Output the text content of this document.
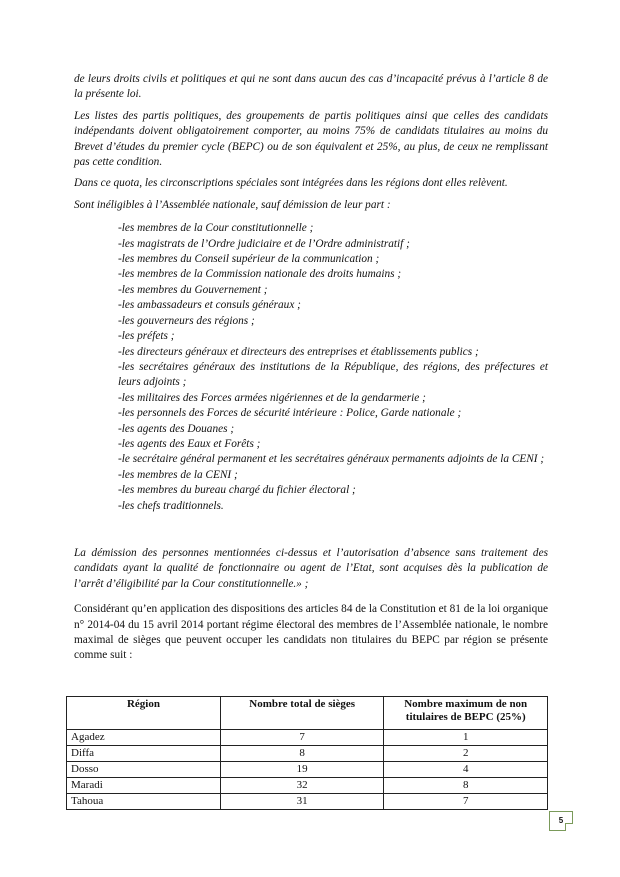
de leurs droits civils et politiques et qui ne sont dans aucun des cas d’incapacité prévus à l’article 8 de la présente loi.

Les listes des partis politiques, des groupements de partis politiques ainsi que celles des candidats indépendants doivent obligatoirement comporter, au moins 75% de candidats titulaires au moins du Brevet d’études du premier cycle (BEPC) ou de son équivalent et 25%, au plus, de ceux ne remplissant pas cette condition.

Dans ce quota, les circonscriptions spéciales sont intégrées dans les régions dont elles relèvent.

Sont inéligibles à l’Assemblée nationale, sauf démission de leur part :

-les membres de la Cour constitutionnelle ;
-les magistrats de l’Ordre judiciaire et de l’Ordre administratif ;
-les membres du Conseil supérieur de la communication ;
-les membres de la Commission nationale des droits humains ;
-les membres du Gouvernement ;
-les ambassadeurs et consuls généraux ;
-les gouverneurs des régions ;
-les préfets ;
-les directeurs généraux et directeurs des entreprises et établissements publics ;
-les secrétaires généraux des institutions de la République, des régions, des préfectures et leurs adjoints ;
-les militaires des Forces armées nigériennes et de la gendarmerie ;
-les personnels des Forces de sécurité intérieure : Police, Garde nationale ;
-les agents des Douanes ;
-les agents des Eaux et Forêts ;
-le secrétaire général permanent et les secrétaires généraux permanents adjoints de la CENI ;
-les membres de la CENI ;
-les membres du bureau chargé du fichier électoral ;
-les chefs traditionnels.

La démission des personnes mentionnées ci-dessus et l’autorisation d’absence sans traitement des candidats ayant la qualité de fonctionnaire ou agent de l’Etat, sont acquises dès la publication de l’arrêt d’éligibilité par la Cour constitutionnelle.» ;

Considérant qu’en application des dispositions des articles 84 de la Constitution et 81 de la loi organique n° 2014-04 du 15 avril 2014 portant régime électoral des membres de l’Assemblée nationale, le nombre maximal de sièges que peuvent occuper les candidats non titulaires du BEPC par région se présente comme suit :

Région	Nombre total de sièges	Nombre maximum de non titulaires de BEPC (25%)
Agadez	7	1
Diffa	8	2
Dosso	19	4
Maradi	32	8
Tahoua	31	7
5
